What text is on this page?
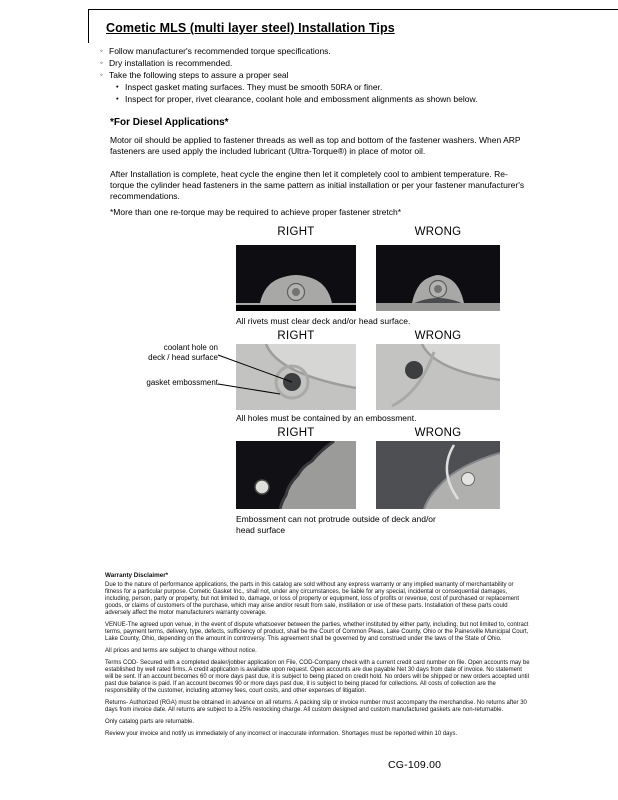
Cometic MLS (multi layer steel) Installation Tips
◦ Follow manufacturer's recommended torque specifications.
◦ Dry installation is recommended.
◦ Take the following steps to assure a proper seal
• Inspect gasket mating surfaces. They must be smooth 50RA or finer.
• Inspect for proper, rivet clearance, coolant hole and embossment alignments as shown below.
*For Diesel Applications*
Motor oil should be applied to fastener threads as well as top and bottom of the fastener washers. When ARP fasteners are used apply the included lubricant (Ultra-Torque®) in place of motor oil.
After Installation is complete, heat cycle the engine then let it completely cool to ambient temperature. Re-torque the cylinder head fasteners in the same pattern as initial installation or per your fastener manufacturer's recommendations.
*More than one re-torque may be required to achieve proper fastener stretch*
RIGHT	WRONG
All rivets must clear deck and/or head surface.
RIGHT	WRONG
coolant hole on
deck / head surface
gasket embossment
All holes must be contained by an embossment.
RIGHT	WRONG
Embossment can not protrude outside of deck and/or head surface
Warranty Disclaimer*

Due to the nature of performance applications, the parts in this catalog are sold without any express warranty or any implied warranty of merchantability or fitness for a particular purpose. Cometic Gasket Inc., shall not, under any circumstances, be liable for any special, incidental or consequential damages, including, person, party or property, but not limited to, damage, or loss of property or equipment, loss of profits or revenue, cost of purchased or replacement goods, or claims of customers of the purchase, which may arise and/or result from sale, instillation or use of these parts. Installation of these parts could adversely affect the motor manufacturers warranty coverage.

VENUE-The agreed upon venue, in the event of dispute whatsoever between the parties, whether instituted by either party, including, but not limited to, contract terms, payment terms, delivery, type, defects, sufficiency of product, shall be the Court of Common Pleas, Lake County, Ohio or the Painesville Municipal Court, Lake County, Ohio, depending on the amount in controversy. This agreement shall be governed by and construed under the laws of the State of Ohio.

All prices and terms are subject to change without notice.

Terms COD- Secured with a completed dealer/jobber application on File, COD-Company check with a current credit card number on file. Open accounts may be established by well rated firms. A credit application is available upon request. Open accounts are due payable Net 30 days from date of invoice. No statement will be sent. If an account becomes 60 or more days past due, it is subject to being placed on credit hold. No orders will be shipped or new orders accepted until past due balance is paid. If an account becomes 90 or more days past due, it is subject to being placed for collections. All costs of collection are the responsibility of the customer, including attorney fees, court costs, and other expenses of litigation.

Returns- Authorized (RGA) must be obtained in advance on all returns. A packing slip or invoice number must accompany the merchandise. No returns after 30 days from invoice date. All returns are subject to a 25% restocking charge. All custom designed and custom manufactured gaskets are non-returnable.

Only catalog parts are returnable.

Review your invoice and notify us immediately of any incorrect or inaccurate information. Shortages must be reported within 10 days.

CG-109.00
